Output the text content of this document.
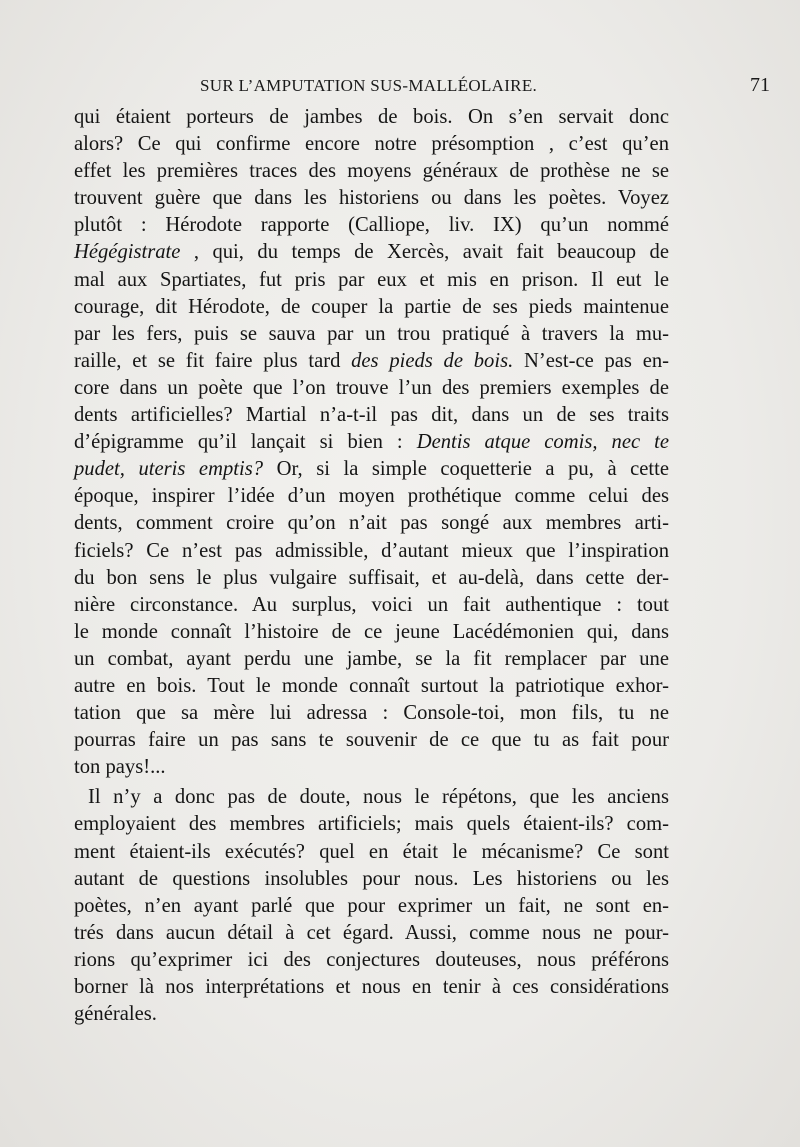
SUR L’AMPUTATION SUS-MALLÉOLAIRE.	71
qui étaient porteurs de jambes de bois. On s’en servait donc
alors? Ce qui confirme encore notre présomption , c’est qu’en
effet les premières traces des moyens généraux de prothèse ne se
trouvent guère que dans les historiens ou dans les poètes. Voyez
plutôt : Hérodote rapporte (Calliope, liv. IX) qu’un nommé
Hégégistrate , qui, du temps de Xercès, avait fait beaucoup de
mal aux Spartiates, fut pris par eux et mis en prison. Il eut le
courage, dit Hérodote, de couper la partie de ses pieds maintenue
par les fers, puis se sauva par un trou pratiqué à travers la mu-
raille, et se fit faire plus tard des pieds de bois. N’est-ce pas en-
core dans un poète que l’on trouve l’un des premiers exemples de
dents artificielles? Martial n’a-t-il pas dit, dans un de ses traits
d’épigramme qu’il lançait si bien : Dentis atque comis, nec te
pudet, uteris emptis? Or, si la simple coquetterie a pu, à cette
époque, inspirer l’idée d’un moyen prothétique comme celui des
dents, comment croire qu’on n’ait pas songé aux membres arti-
ficiels? Ce n’est pas admissible, d’autant mieux que l’inspiration
du bon sens le plus vulgaire suffisait, et au-delà, dans cette der-
nière circonstance. Au surplus, voici un fait authentique : tout
le monde connaît l’histoire de ce jeune Lacédémonien qui, dans
un combat, ayant perdu une jambe, se la fit remplacer par une
autre en bois. Tout le monde connaît surtout la patriotique exhor-
tation que sa mère lui adressa : Console-toi, mon fils, tu ne
pourras faire un pas sans te souvenir de ce que tu as fait pour
ton pays!...
Il n’y a donc pas de doute, nous le répétons, que les anciens
employaient des membres artificiels; mais quels étaient-ils? com-
ment étaient-ils exécutés? quel en était le mécanisme? Ce sont
autant de questions insolubles pour nous. Les historiens ou les
poètes, n’en ayant parlé que pour exprimer un fait, ne sont en-
trés dans aucun détail à cet égard. Aussi, comme nous ne pour-
rions qu’exprimer ici des conjectures douteuses, nous préférons
borner là nos interprétations et nous en tenir à ces considérations
générales.
